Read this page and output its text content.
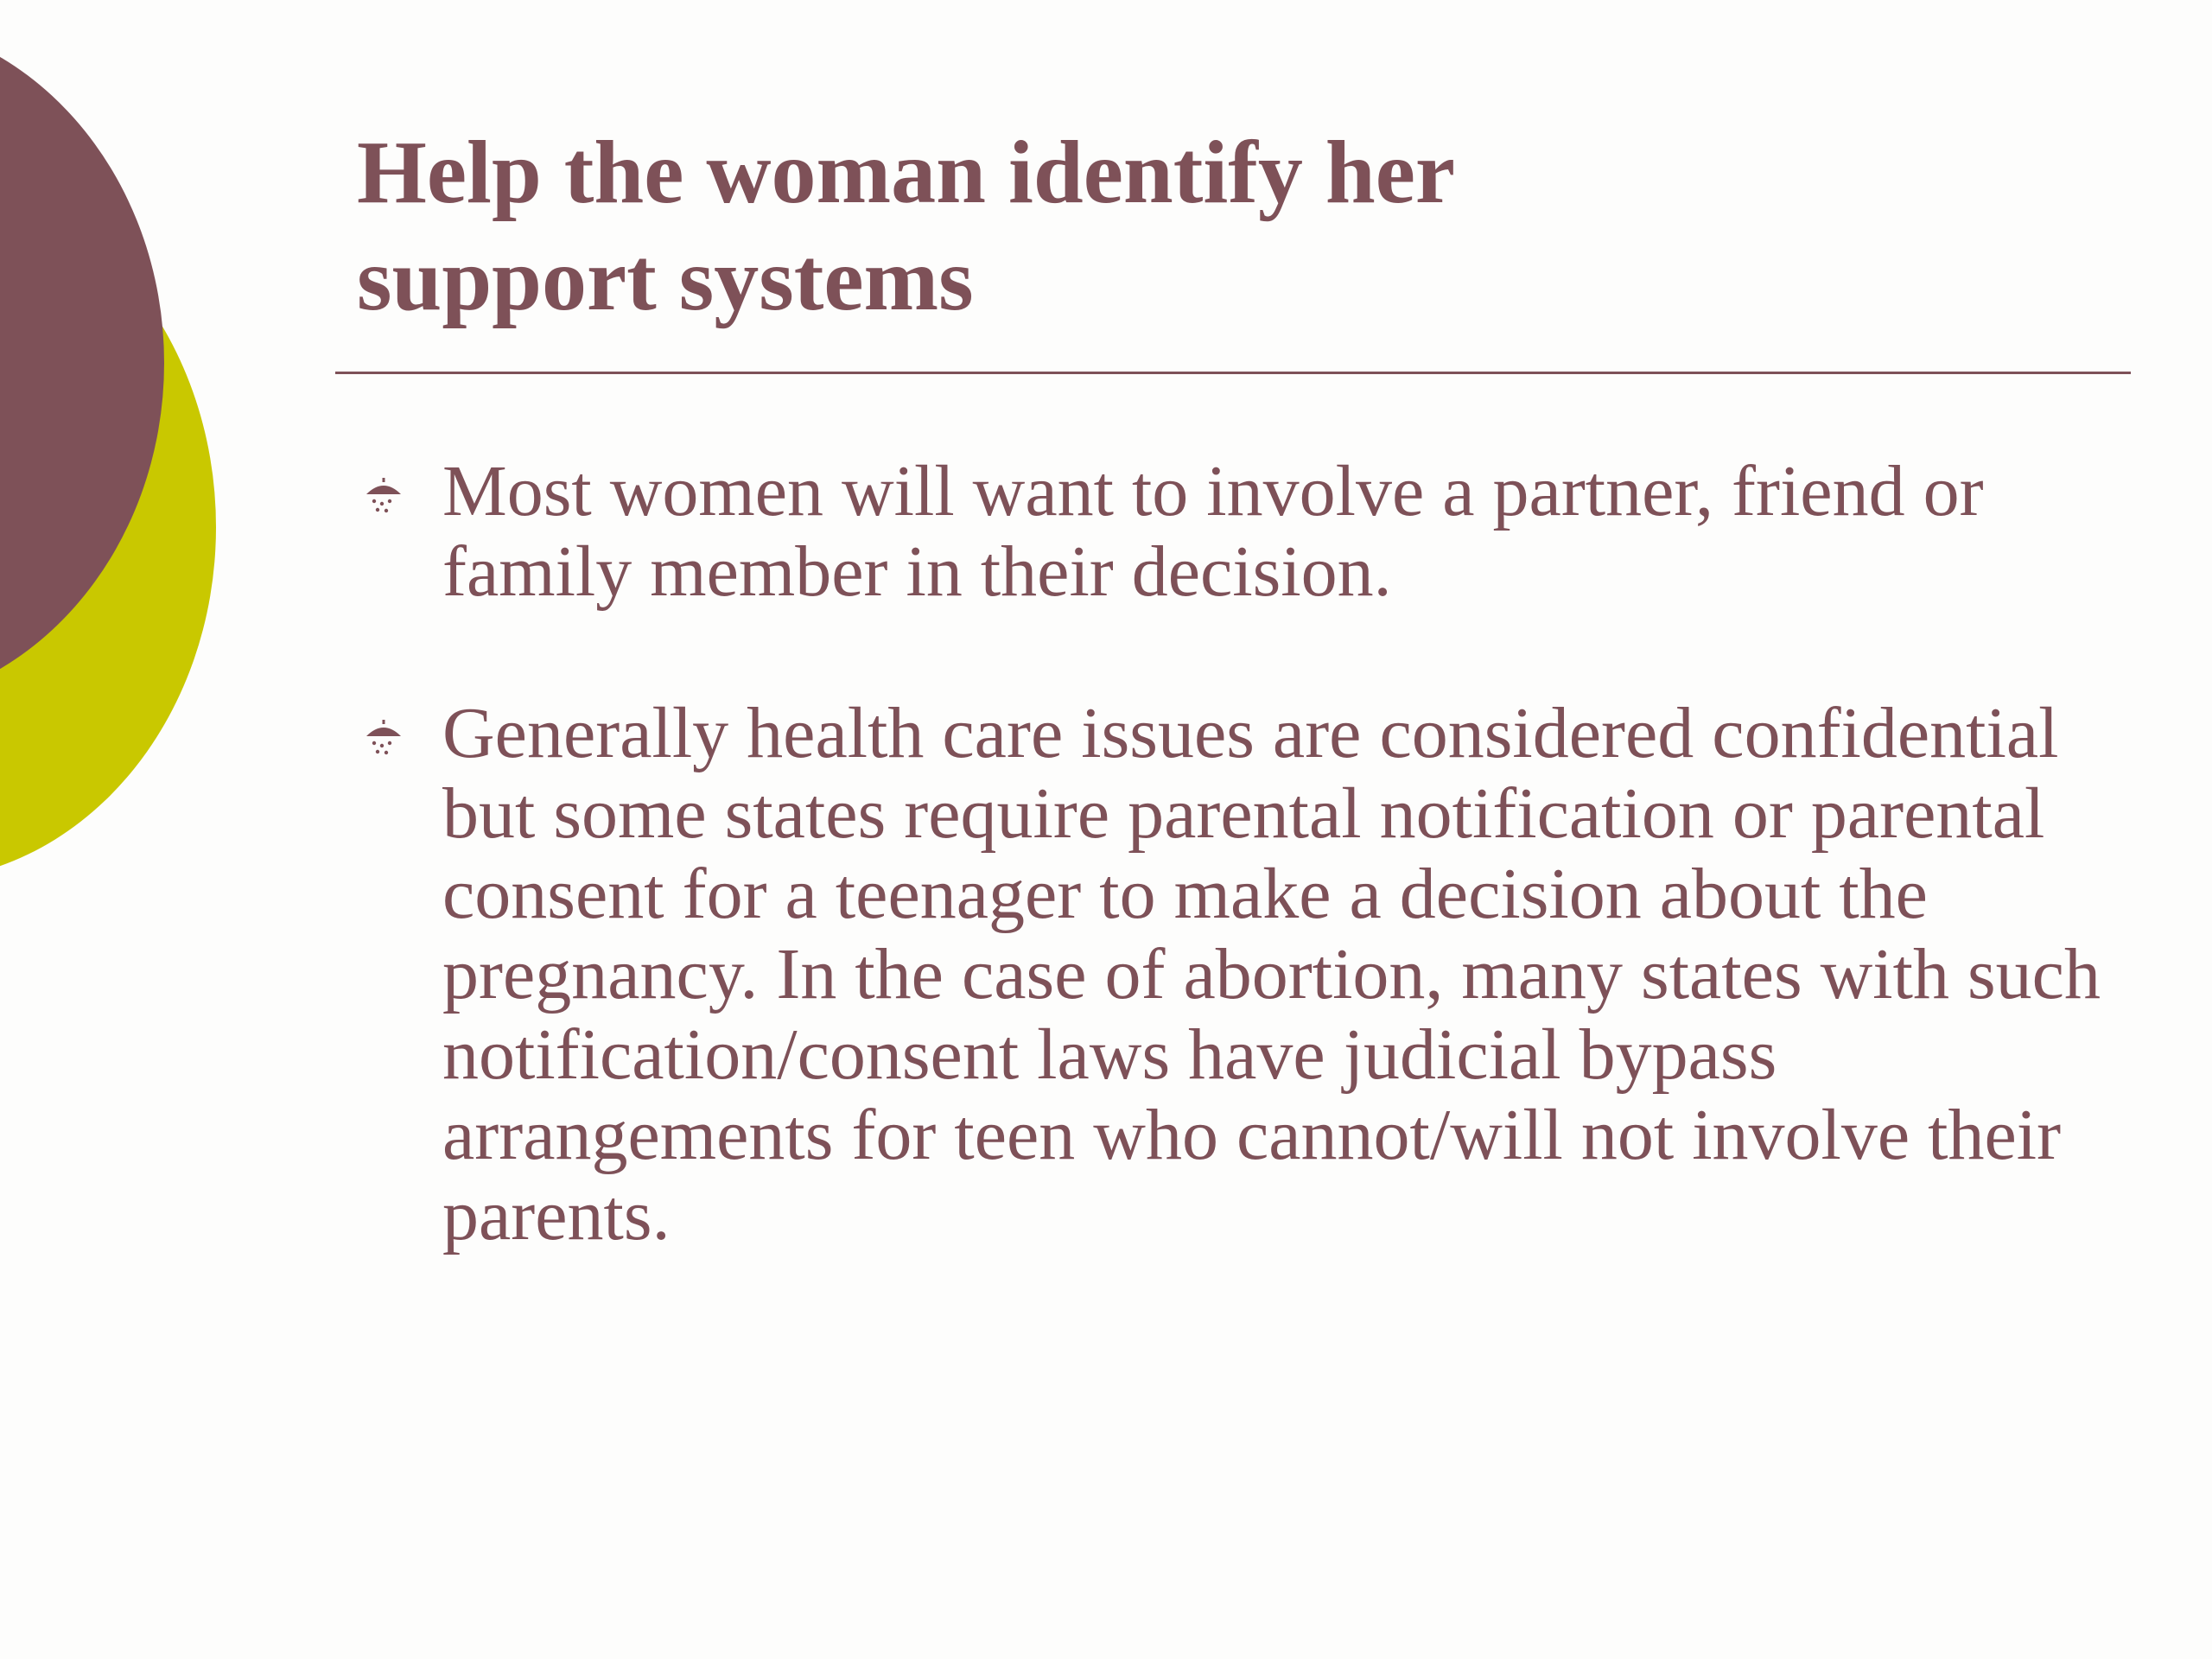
Help the woman identify her
support systems
Most women will want to involve a partner, friend or family member in their decision.
Generally health care issues are considered confidential but some states require parental notification or parental consent for a teenager to make a decision about the pregnancy. In the case of abortion, many states with such notification/consent laws have judicial bypass arrangements for teen who cannot/will not involve their parents.
